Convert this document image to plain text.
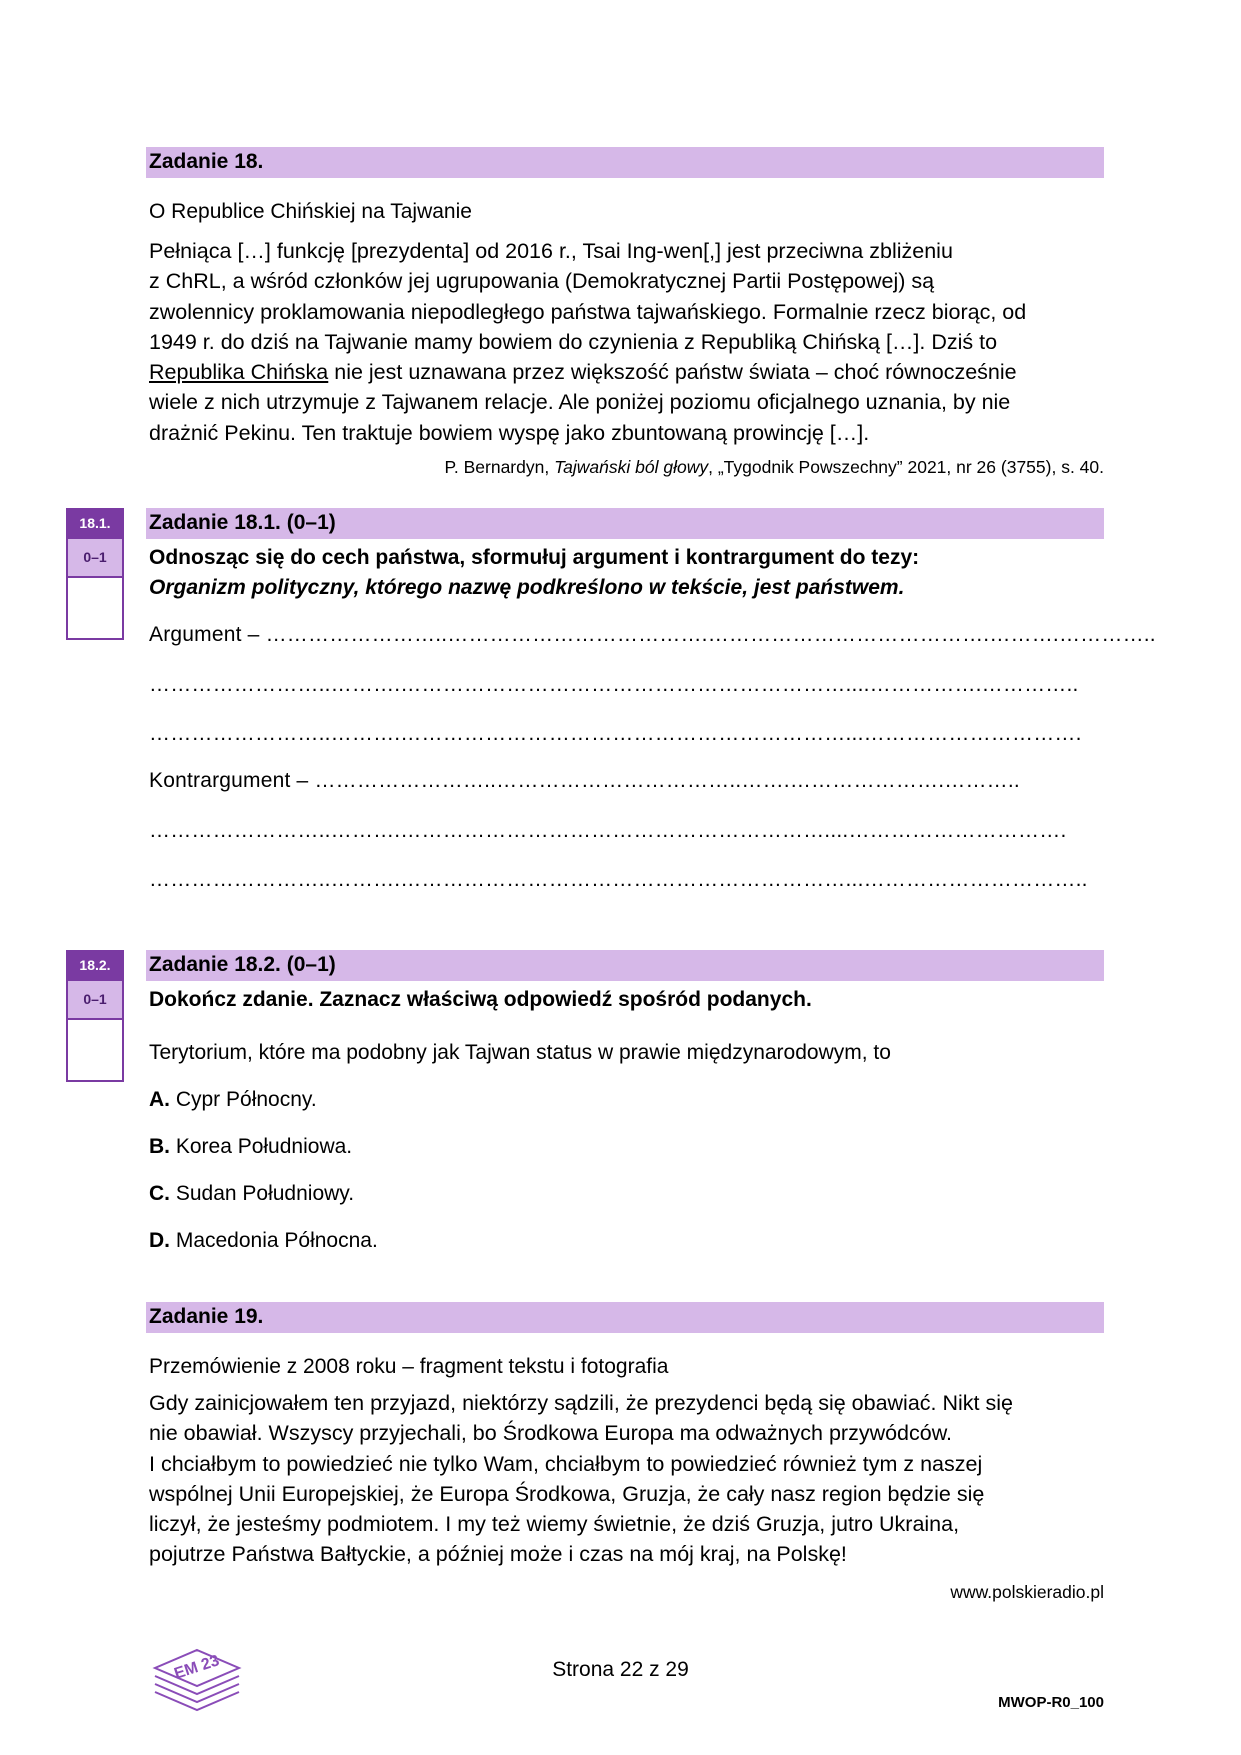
Zadanie 18.
O Republice Chińskiej na Tajwanie

Pełniąca […] funkcję [prezydenta] od 2016 r., Tsai Ing-wen[,] jest przeciwna zbliżeniu

z ChRL, a wśród członków jej ugrupowania (Demokratycznej Partii Postępowej) są

zwolennicy proklamowania niepodległego państwa tajwańskiego. Formalnie rzecz biorąc, od

1949 r. do dziś na Tajwanie mamy bowiem do czynienia z Republiką Chińską […]. Dziś to

Republika Chińska nie jest uznawana przez większość państw świata – choć równocześnie

wiele z nich utrzymuje z Tajwanem relacje. Ale poniżej poziomu oficjalnego uznania, by nie

drażnić Pekinu. Ten traktuje bowiem wyspę jako zbuntowaną prowincję […].

P. Bernardyn, Tajwański ból głowy, „Tygodnik Powszechny” 2021, nr 26 (3755), s. 40.
18.1.
0–1
Zadanie 18.1. (0–1)
Odnosząc się do cech państwa, sformułuj argument i kontrargument do tezy:
Organizm polityczny, którego nazwę podkreślono w tekście, jest państwem.
Argument – ……………………..……………………………….………………………………….……….…………..
……………………..……….………………………………………………………....…………….…………..
……………………..……….………………………………………………………...………………………….
Kontrargument – ……………………..……………………………..…….………………….………..
……………………..……….……………………………………………………....………………………….
……………………..……….………………………………………………………...…………………………..
18.2.
0–1
Zadanie 18.2. (0–1)
Dokończ zdanie. Zaznacz właściwą odpowiedź spośród podanych.
Terytorium, które ma podobny jak Tajwan status w prawie międzynarodowym, to
A. Cypr Północny.
B. Korea Południowa.
C. Sudan Południowy.
D. Macedonia Północna.
Zadanie 19.
Przemówienie z 2008 roku – fragment tekstu i fotografia

Gdy zainicjowałem ten przyjazd, niektórzy sądzili, że prezydenci będą się obawiać. Nikt się

nie obawiał. Wszyscy przyjechali, bo Środkowa Europa ma odważnych przywódców.

I chciałbym to powiedzieć nie tylko Wam, chciałbym to powiedzieć również tym z naszej

wspólnej Unii Europejskiej, że Europa Środkowa, Gruzja, że cały nasz region będzie się

liczył, że jesteśmy podmiotem. I my też wiemy świetnie, że dziś Gruzja, jutro Ukraina,

pojutrze Państwa Bałtyckie, a później może i czas na mój kraj, na Polskę!

www.polskieradio.pl
EM 23	Strona 22 z 29
MWOP-R0_100
